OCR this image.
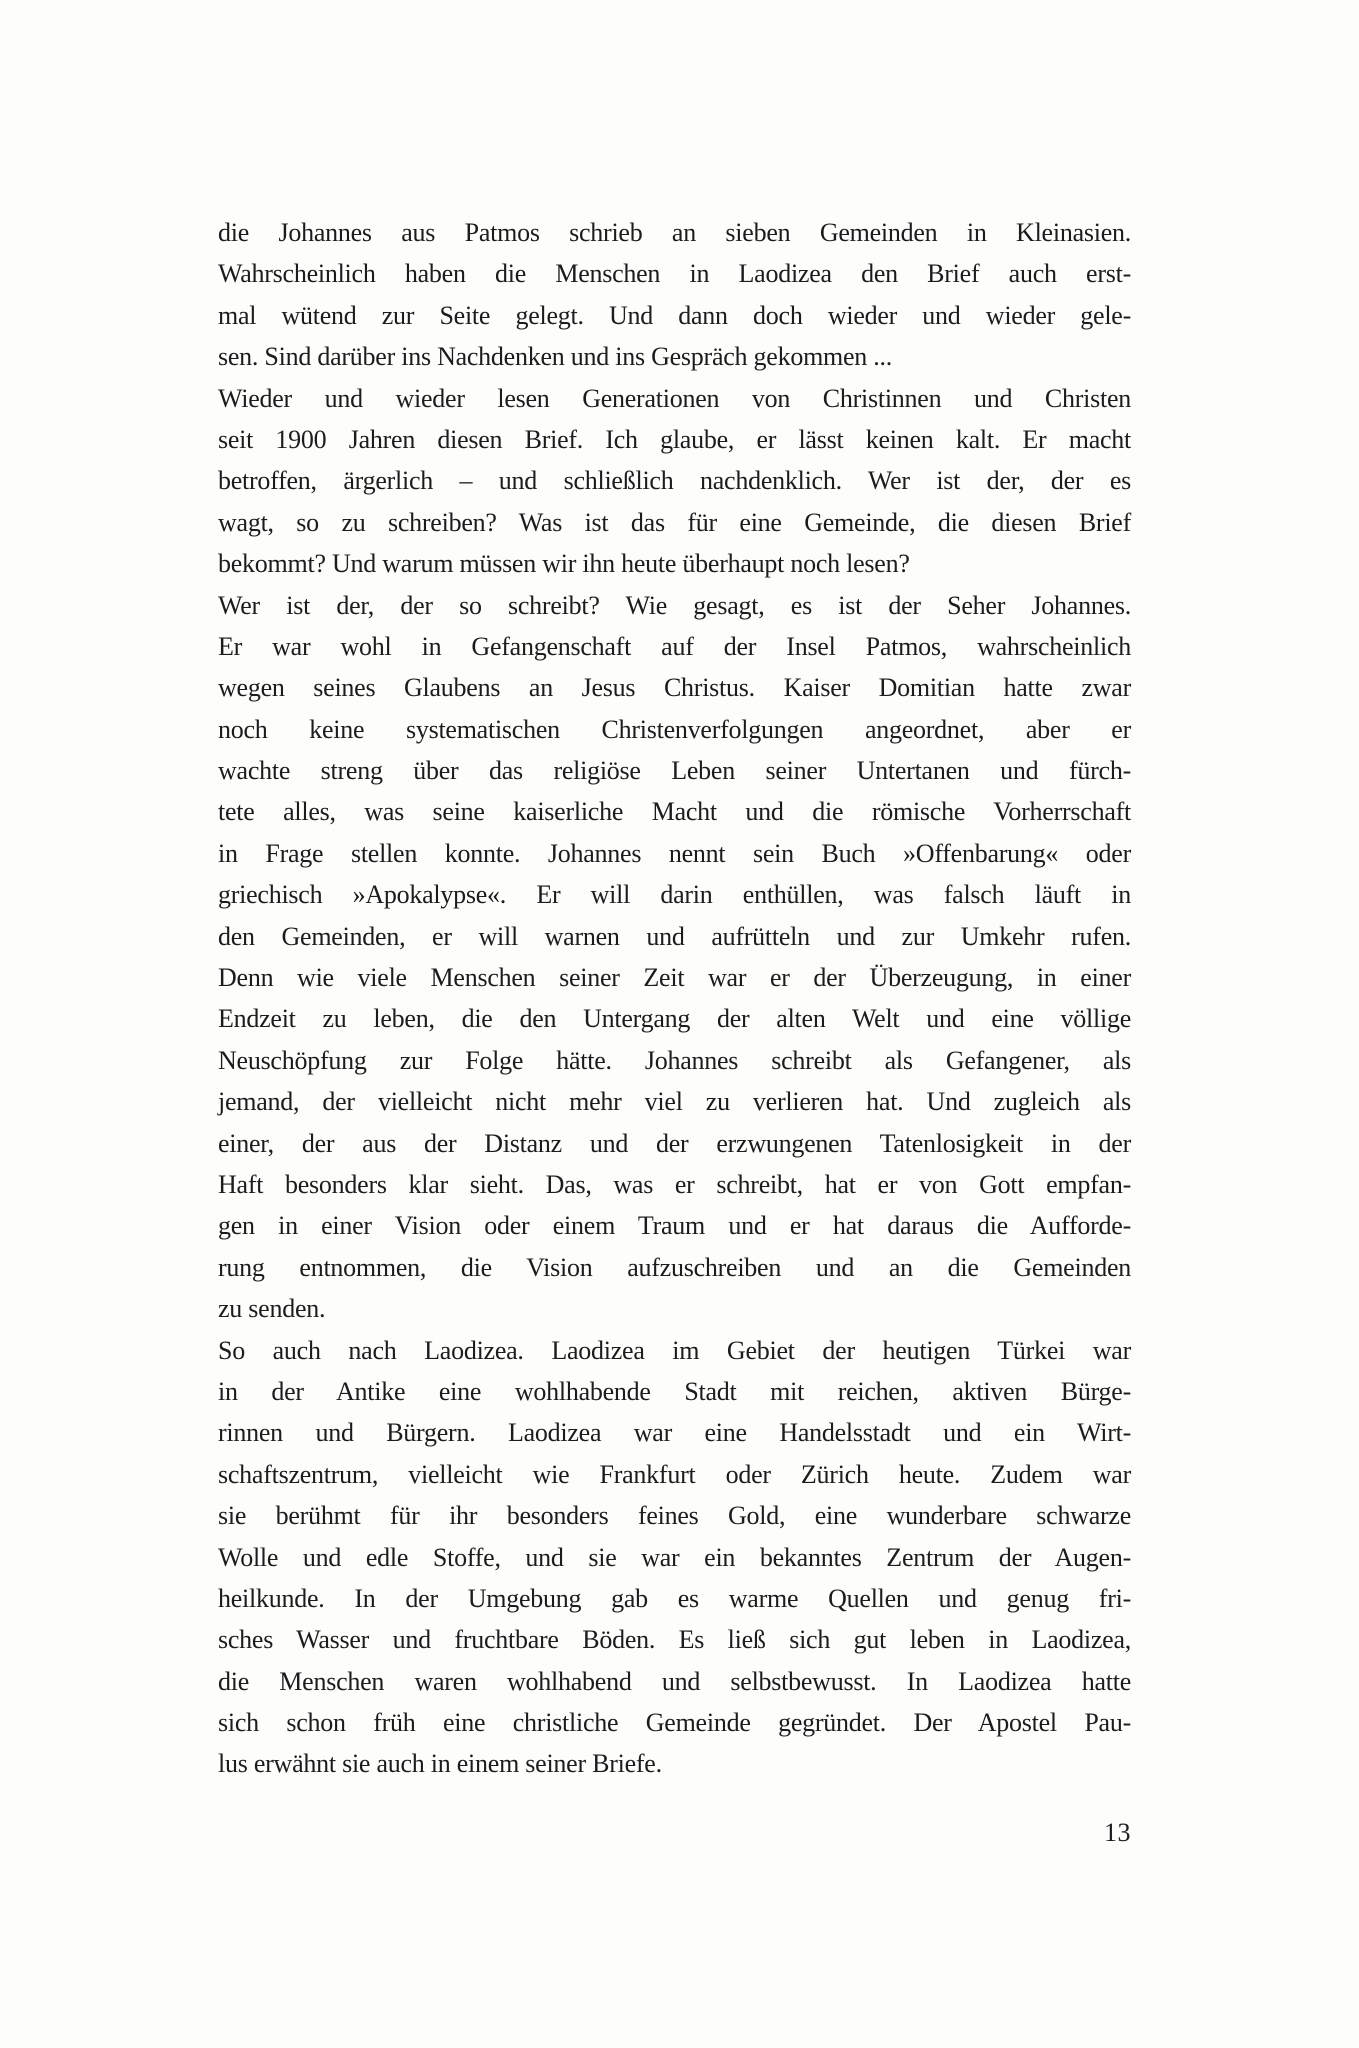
die Johannes aus Patmos schrieb an sieben Gemeinden in Kleinasien.
Wahrscheinlich haben die Menschen in Laodizea den Brief auch erst-
mal wütend zur Seite gelegt. Und dann doch wieder und wieder gele-
sen. Sind darüber ins Nachdenken und ins Gespräch gekommen ...
Wieder und wieder lesen Generationen von Christinnen und Christen
seit 1900 Jahren diesen Brief. Ich glaube, er lässt keinen kalt. Er macht
betroffen, ärgerlich – und schließlich nachdenklich. Wer ist der, der es
wagt, so zu schreiben? Was ist das für eine Gemeinde, die diesen Brief
bekommt? Und warum müssen wir ihn heute überhaupt noch lesen?
Wer ist der, der so schreibt? Wie gesagt, es ist der Seher Johannes.
Er war wohl in Gefangenschaft auf der Insel Patmos, wahrscheinlich
wegen seines Glaubens an Jesus Christus. Kaiser Domitian hatte zwar
noch keine systematischen Christenverfolgungen angeordnet, aber er
wachte streng über das religiöse Leben seiner Untertanen und fürch-
tete alles, was seine kaiserliche Macht und die römische Vorherrschaft
in Frage stellen konnte. Johannes nennt sein Buch »Offenbarung« oder
griechisch »Apokalypse«. Er will darin enthüllen, was falsch läuft in
den Gemeinden, er will warnen und aufrütteln und zur Umkehr rufen.
Denn wie viele Menschen seiner Zeit war er der Überzeugung, in einer
Endzeit zu leben, die den Untergang der alten Welt und eine völlige
Neuschöpfung zur Folge hätte. Johannes schreibt als Gefangener, als
jemand, der vielleicht nicht mehr viel zu verlieren hat. Und zugleich als
einer, der aus der Distanz und der erzwungenen Tatenlosigkeit in der
Haft besonders klar sieht. Das, was er schreibt, hat er von Gott empfan-
gen in einer Vision oder einem Traum und er hat daraus die Aufforde-
rung entnommen, die Vision aufzuschreiben und an die Gemeinden
zu senden.
So auch nach Laodizea. Laodizea im Gebiet der heutigen Türkei war
in der Antike eine wohlhabende Stadt mit reichen, aktiven Bürge-
rinnen und Bürgern. Laodizea war eine Handelsstadt und ein Wirt-
schaftszentrum, vielleicht wie Frankfurt oder Zürich heute. Zudem war
sie berühmt für ihr besonders feines Gold, eine wunderbare schwarze
Wolle und edle Stoffe, und sie war ein bekanntes Zentrum der Augen-
heilkunde. In der Umgebung gab es warme Quellen und genug fri-
sches Wasser und fruchtbare Böden. Es ließ sich gut leben in Laodizea,
die Menschen waren wohlhabend und selbstbewusst. In Laodizea hatte
sich schon früh eine christliche Gemeinde gegründet. Der Apostel Pau-
lus erwähnt sie auch in einem seiner Briefe.
13
